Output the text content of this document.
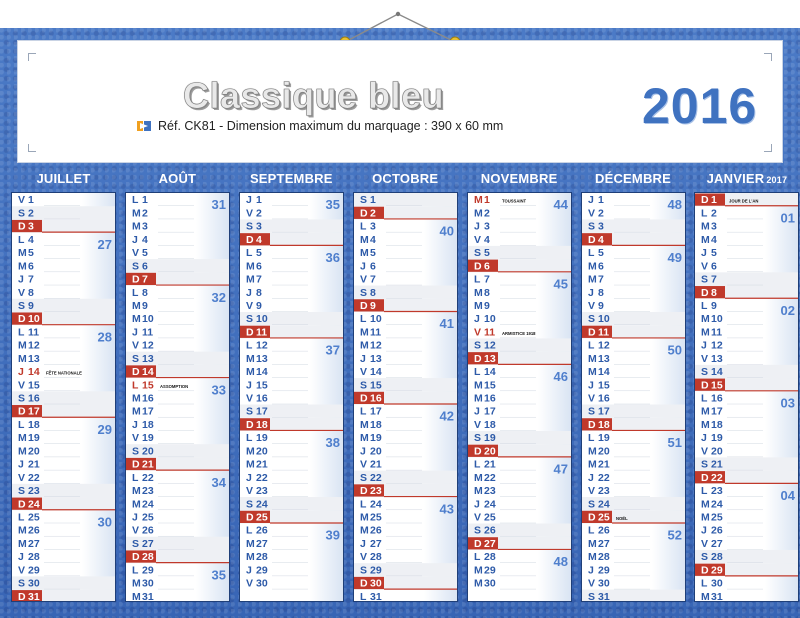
Classique bleu
Réf. CK81 - Dimension maximum du marquage : 390 x 60 mm	2016
JUILLET
V 1
S 2
D 3
L 4
M 5
M 6
J 7
V 8
S 9
D 10
L 11
M 12
M 13
J 14
V 15
S 16
D 17
L 18
M 19
M 20
J 21
V 22
S 23
D 24
L 25
M 26
M 27
J 28
V 29
S 30
D 31
FÊTE NATIONALE
27
28
29
30
AOÛT
L 1
M 2
M 3
J 4
V 5
S 6
D 7
L 8
M 9
M 10
J 11
V 12
S 13
D 14
L 15
M 16
M 17
J 18
V 19
S 20
D 21
L 22
M 23
M 24
J 25
V 26
S 27
D 28
L 29
M 30
M 31
ASSOMPTION
31
32
33
34
35
SEPTEMBRE
J 1
V 2
S 3
D 4
L 5
M 6
M 7
J 8
V 9
S 10
D 11
L 12
M 13
M 14
J 15
V 16
S 17
D 18
L 19
M 20
M 21
J 22
V 23
S 24
D 25
L 26
M 27
M 28
J 29
V 30
35
36
37
38
39
OCTOBRE
S 1
D 2
L 3
M 4
M 5
J 6
V 7
S 8
D 9
L 10
M 11
M 12
J 13
V 14
S 15
D 16
L 17
M 18
M 19
J 20
V 21
S 22
D 23
L 24
M 25
M 26
J 27
V 28
S 29
D 30
L 31
40
41
42
43
NOVEMBRE
M 1
M 2
J 3
V 4
S 5
D 6
L 7
M 8
M 9
J 10
V 11
S 12
D 13
L 14
M 15
M 16
J 17
V 18
S 19
D 20
L 21
M 22
M 23
J 24
V 25
S 26
D 27
L 28
M 29
M 30
TOUSSAINT
ARMISTICE 1918
44
45
46
47
48
DÉCEMBRE
J 1
V 2
S 3
D 4
L 5
M 6
M 7
J 8
V 9
S 10
D 11
L 12
M 13
M 14
J 15
V 16
S 17
D 18
L 19
M 20
M 21
J 22
V 23
S 24
D 25
L 26
M 27
M 28
J 29
V 30
S 31
NOËL
48
49
50
51
52
JANVIER 2017
D 1
L 2
M 3
M 4
J 5
V 6
S 7
D 8
L 9
M 10
M 11
J 12
V 13
S 14
D 15
L 16
M 17
M 18
J 19
V 20
S 21
D 22
L 23
M 24
M 25
J 26
V 27
S 28
D 29
L 30
M 31
JOUR DE L'AN
01
02
03
04
